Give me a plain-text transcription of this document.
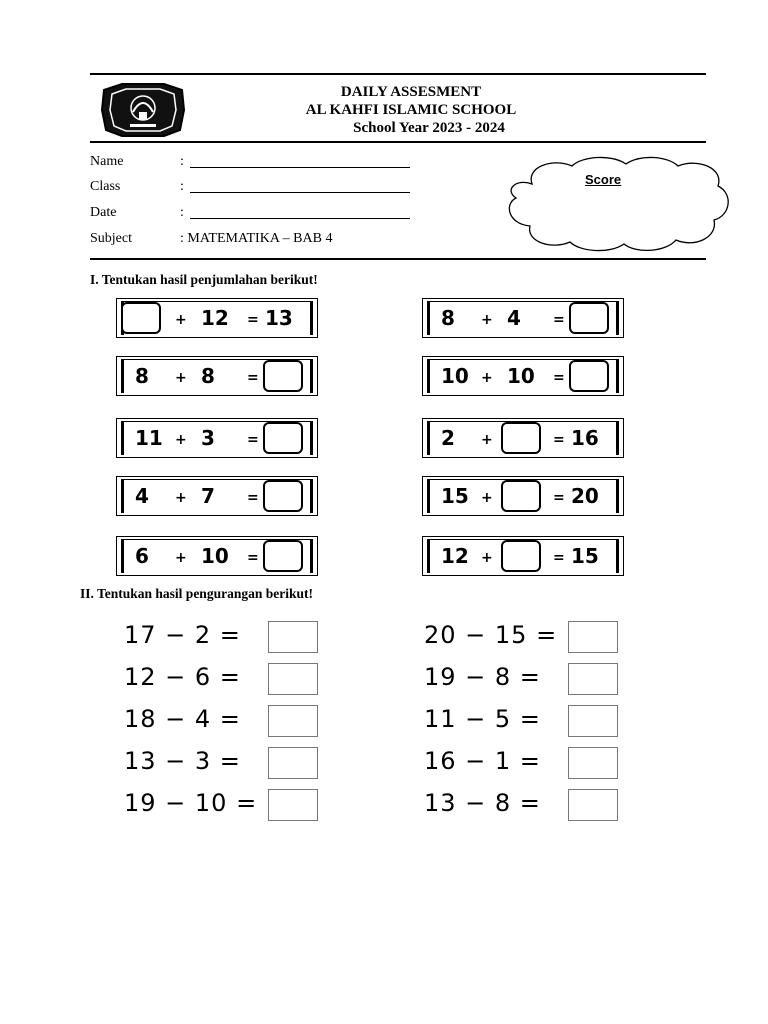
DAILY ASSESMENT
AL KAHFI ISLAMIC SCHOOL
School Year 2023 - 2024
Name	:
Class	:
Date	:
Subject	: MATEMATIKA – BAB 4
Score
I. Tentukan hasil penjumlahan berikut!
+ 12 = 13	8 + 4 =
8 + 8 =	10 + 10 =
11 + 3 =	2 +	= 16
4 + 7 =	15 +	= 20
6 + 10 =	12 +	= 15
II. Tentukan hasil pengurangan berikut!
17 − 2 =	20 − 15 =
12 − 6 =	19 − 8 =
18 − 4 =	11 − 5 =
13 − 3 =	16 − 1 =
19 − 10 =	13 − 8 =
